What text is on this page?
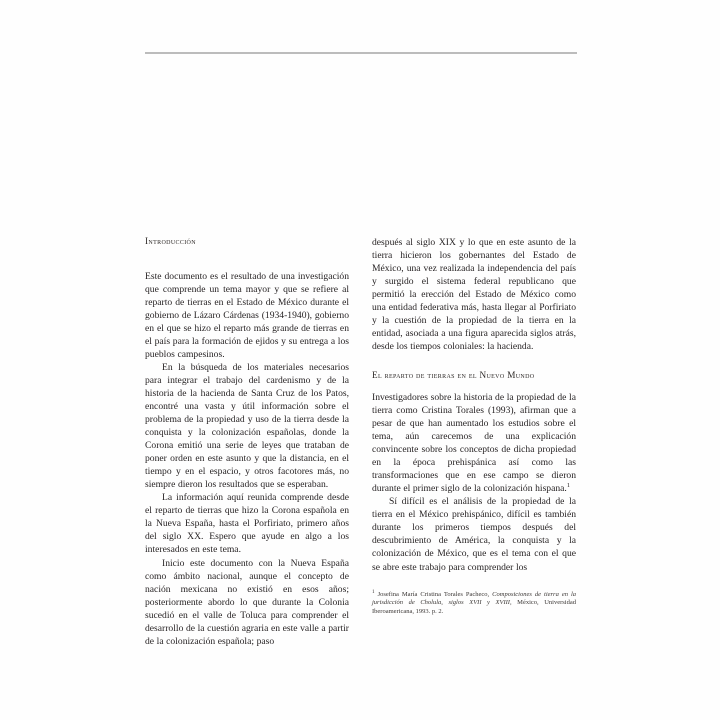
Introducción

Este documento es el resultado de una investigación que comprende un tema mayor y que se refiere al reparto de tierras en el Estado de México durante el gobierno de Lázaro Cárdenas (1934-1940), gobierno en el que se hizo el reparto más grande de tierras en el país para la formación de ejidos y su entrega a los pueblos campesinos.

En la búsqueda de los materiales necesarios para integrar el trabajo del cardenismo y de la historia de la hacienda de Santa Cruz de los Patos, encontré una vasta y útil información sobre el problema de la propiedad y uso de la tierra desde la conquista y la colonización españolas, donde la Corona emitió una serie de leyes que trataban de poner orden en este asunto y que la distancia, en el tiempo y en el espacio, y otros facotores más, no siempre dieron los resultados que se esperaban.

La información aquí reunida comprende desde el reparto de tierras que hizo la Corona española en la Nueva España, hasta el Porfiriato, primero años del siglo XX. Espero que ayude en algo a los interesados en este tema.

Inicio este documento con la Nueva España como ámbito nacional, aunque el concepto de nación mexicana no existió en esos años; posteriormente abordo lo que durante la Colonia sucedió en el valle de Toluca para comprender el desarrollo de la cuestión agraria en este valle a partir de la colonización española; paso

después al siglo XIX y lo que en este asunto de la tierra hicieron los gobernantes del Estado de México, una vez realizada la independencia del país y surgido el sistema federal republicano que permitió la erección del Estado de México como una entidad federativa más, hasta llegar al Porfiriato y la cuestión de la propiedad de la tierra en la entidad, asociada a una figura aparecida siglos atrás, desde los tiempos coloniales: la hacienda.

El reparto de tierras en el Nuevo Mundo

Investigadores sobre la historia de la propiedad de la tierra como Cristina Torales (1993), afirman que a pesar de que han aumentado los estudios sobre el tema, aún carecemos de una explicación convincente sobre los conceptos de dicha propiedad en la época prehispánica así como las transformaciones que en ese campo se dieron durante el primer siglo de la colonización hispana.$^1$

Sí difícil es el análisis de la propiedad de la tierra en el México prehispánico, difícil es también durante los primeros tiempos después del descubrimiento de América, la conquista y la colonización de México, que es el tema con el que se abre este trabajo para comprender los

$^1$ Josefina María Cristina Torales Pacheco, Composiciones de tierra en la jurisdicción de Cholula, siglos XVII y XVIII, México, Universidad Iberoamericana, 1993. p. 2.
